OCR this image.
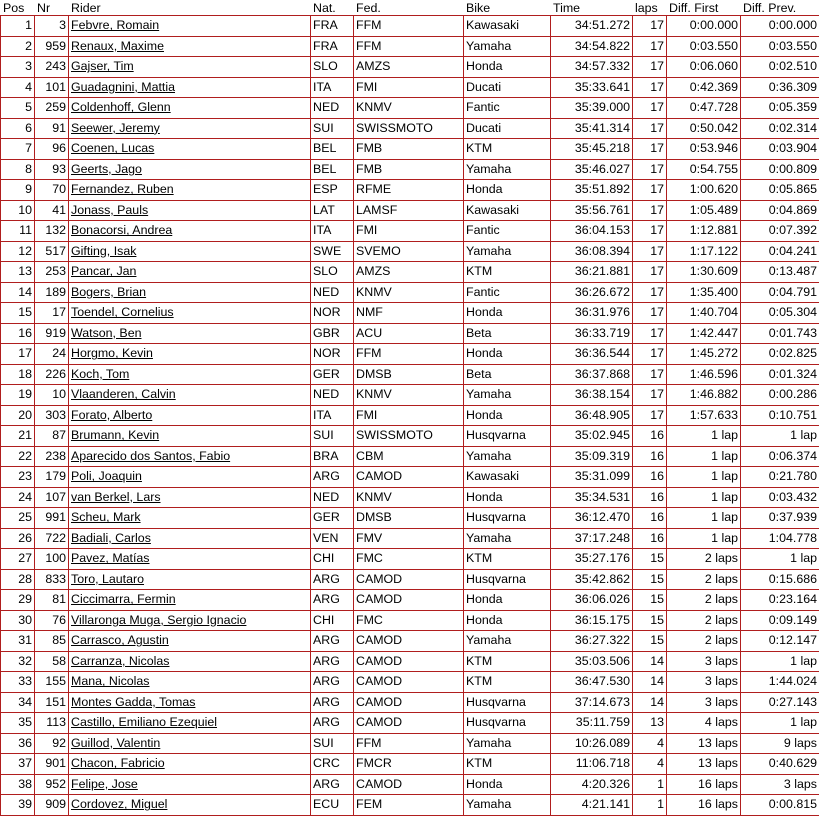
Pos	Nr	Rider	Nat.	Fed.	Bike	Time	laps	Diff. First	Diff. Prev.
1	3	Febvre, Romain	FRA	FFM	Kawasaki	34:51.272	17	0:00.000	0:00.000
2	959	Renaux, Maxime	FRA	FFM	Yamaha	34:54.822	17	0:03.550	0:03.550
3	243	Gajser, Tim	SLO	AMZS	Honda	34:57.332	17	0:06.060	0:02.510
4	101	Guadagnini, Mattia	ITA	FMI	Ducati	35:33.641	17	0:42.369	0:36.309
5	259	Coldenhoff, Glenn	NED	KNMV	Fantic	35:39.000	17	0:47.728	0:05.359
6	91	Seewer, Jeremy	SUI	SWISSMOTO	Ducati	35:41.314	17	0:50.042	0:02.314
7	96	Coenen, Lucas	BEL	FMB	KTM	35:45.218	17	0:53.946	0:03.904
8	93	Geerts, Jago	BEL	FMB	Yamaha	35:46.027	17	0:54.755	0:00.809
9	70	Fernandez, Ruben	ESP	RFME	Honda	35:51.892	17	1:00.620	0:05.865
10	41	Jonass, Pauls	LAT	LAMSF	Kawasaki	35:56.761	17	1:05.489	0:04.869
11	132	Bonacorsi, Andrea	ITA	FMI	Fantic	36:04.153	17	1:12.881	0:07.392
12	517	Gifting, Isak	SWE	SVEMO	Yamaha	36:08.394	17	1:17.122	0:04.241
13	253	Pancar, Jan	SLO	AMZS	KTM	36:21.881	17	1:30.609	0:13.487
14	189	Bogers, Brian	NED	KNMV	Fantic	36:26.672	17	1:35.400	0:04.791
15	17	Toendel, Cornelius	NOR	NMF	Honda	36:31.976	17	1:40.704	0:05.304
16	919	Watson, Ben	GBR	ACU	Beta	36:33.719	17	1:42.447	0:01.743
17	24	Horgmo, Kevin	NOR	FFM	Honda	36:36.544	17	1:45.272	0:02.825
18	226	Koch, Tom	GER	DMSB	Beta	36:37.868	17	1:46.596	0:01.324
19	10	Vlaanderen, Calvin	NED	KNMV	Yamaha	36:38.154	17	1:46.882	0:00.286
20	303	Forato, Alberto	ITA	FMI	Honda	36:48.905	17	1:57.633	0:10.751
21	87	Brumann, Kevin	SUI	SWISSMOTO	Husqvarna	35:02.945	16	1 lap	1 lap
22	238	Aparecido dos Santos, Fabio	BRA	CBM	Yamaha	35:09.319	16	1 lap	0:06.374
23	179	Poli, Joaquin	ARG	CAMOD	Kawasaki	35:31.099	16	1 lap	0:21.780
24	107	van Berkel, Lars	NED	KNMV	Honda	35:34.531	16	1 lap	0:03.432
25	991	Scheu, Mark	GER	DMSB	Husqvarna	36:12.470	16	1 lap	0:37.939
26	722	Badiali, Carlos	VEN	FMV	Yamaha	37:17.248	16	1 lap	1:04.778
27	100	Pavez, Matías	CHI	FMC	KTM	35:27.176	15	2 laps	1 lap
28	833	Toro, Lautaro	ARG	CAMOD	Husqvarna	35:42.862	15	2 laps	0:15.686
29	81	Ciccimarra, Fermin	ARG	CAMOD	Honda	36:06.026	15	2 laps	0:23.164
30	76	Villaronga Muga, Sergio Ignacio	CHI	FMC	Honda	36:15.175	15	2 laps	0:09.149
31	85	Carrasco, Agustin	ARG	CAMOD	Yamaha	36:27.322	15	2 laps	0:12.147
32	58	Carranza, Nicolas	ARG	CAMOD	KTM	35:03.506	14	3 laps	1 lap
33	155	Mana, Nicolas	ARG	CAMOD	KTM	36:47.530	14	3 laps	1:44.024
34	151	Montes Gadda, Tomas	ARG	CAMOD	Husqvarna	37:14.673	14	3 laps	0:27.143
35	113	Castillo, Emiliano Ezequiel	ARG	CAMOD	Husqvarna	35:11.759	13	4 laps	1 lap
36	92	Guillod, Valentin	SUI	FFM	Yamaha	10:26.089	4	13 laps	9 laps
37	901	Chacon, Fabricio	CRC	FMCR	KTM	11:06.718	4	13 laps	0:40.629
38	952	Felipe, Jose	ARG	CAMOD	Honda	4:20.326	1	16 laps	3 laps
39	909	Cordovez, Miguel	ECU	FEM	Yamaha	4:21.141	1	16 laps	0:00.815
